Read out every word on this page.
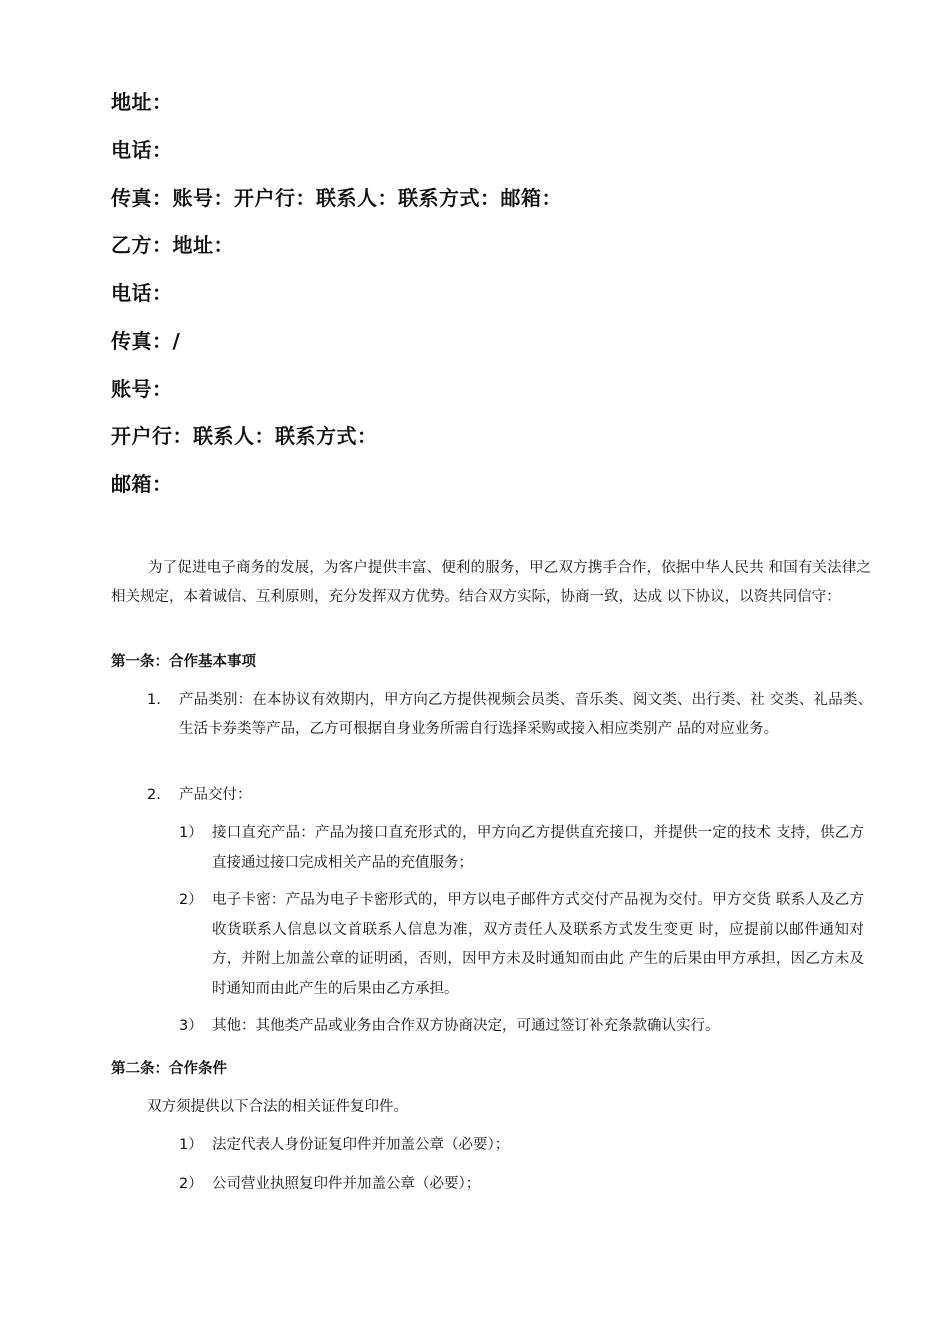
地址：
电话：
传真：账号：开户行：联系人：联系方式：邮箱：
乙方：地址：
电话：
传真：/
账号：
开户行：联系人：联系方式：
邮箱：
为了促进电子商务的发展，为客户提供丰富、便利的服务，甲乙双方携手合作，依据中华人民共 和国有关法律之相关规定，本着诚信、互利原则，充分发挥双方优势。结合双方实际，协商一致，达成 以下协议，以资共同信守：
第一条：合作基本事项
1.	产品类别：在本协议有效期内，甲方向乙方提供视频会员类、音乐类、阅文类、出行类、社 交类、礼品类、生活卡券类等产品，乙方可根据自身业务所需自行选择采购或接入相应类别产 品的对应业务。
2.	产品交付：
1） 接口直充产品：产品为接口直充形式的，甲方向乙方提供直充接口，并提供一定的技术 支持，供乙方直接通过接口完成相关产品的充值服务；
2） 电子卡密：产品为电子卡密形式的，甲方以电子邮件方式交付产品视为交付。甲方交货 联系人及乙方收货联系人信息以文首联系人信息为准，双方责任人及联系方式发生变更 时，应提前以邮件通知对方，并附上加盖公章的证明函，否则，因甲方未及时通知而由此 产生的后果由甲方承担，因乙方未及时通知而由此产生的后果由乙方承担。
3） 其他：其他类产品或业务由合作双方协商决定，可通过签订补充条款确认实行。
第二条：合作条件
双方须提供以下合法的相关证件复印件。
1） 法定代表人身份证复印件并加盖公章（必要）；
2） 公司营业执照复印件并加盖公章（必要）；
